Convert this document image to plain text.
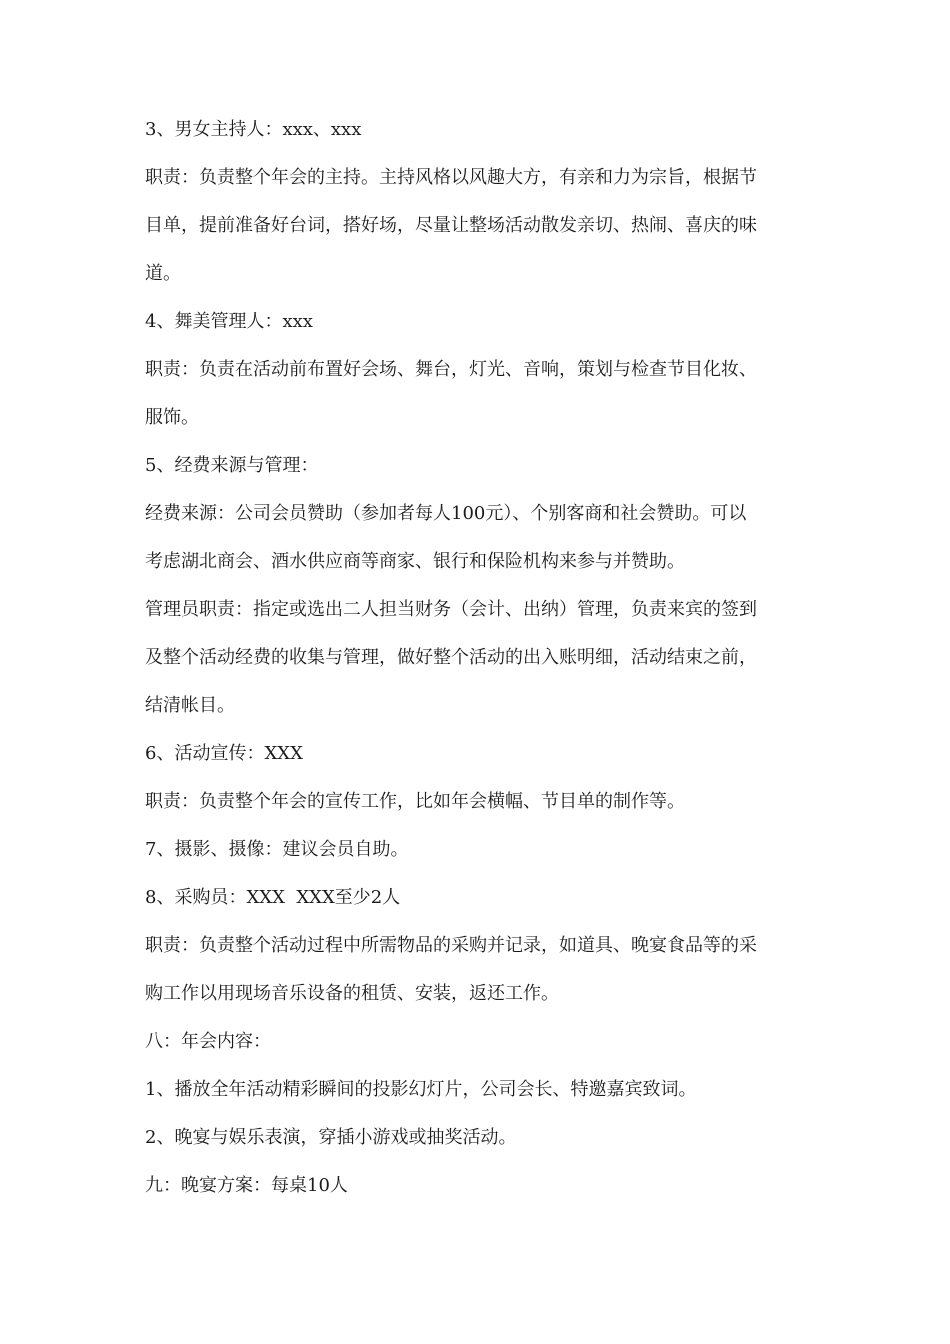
3、男女主持人：xxx、xxx
职责：负责整个年会的主持。主持风格以风趣大方，有亲和力为宗旨，根据节
目单，提前准备好台词，搭好场，尽量让整场活动散发亲切、热闹、喜庆的味
道。
4、舞美管理人：xxx
职责：负责在活动前布置好会场、舞台，灯光、音响，策划与检查节目化妆、
服饰。
5、经费来源与管理：
经费来源：公司会员赞助（参加者每人100元）、个别客商和社会赞助。可以
考虑湖北商会、酒水供应商等商家、银行和保险机构来参与并赞助。
管理员职责：指定或选出二人担当财务（会计、出纳）管理，负责来宾的签到
及整个活动经费的收集与管理，做好整个活动的出入账明细，活动结束之前，
结清帐目。
6、活动宣传：XXX
职责：负责整个年会的宣传工作，比如年会横幅、节目单的制作等。
7、摄影、摄像：建议会员自助。
8、采购员：XXX  XXX至少2人
职责：负责整个活动过程中所需物品的采购并记录，如道具、晚宴食品等的采
购工作以用现场音乐设备的租赁、安装，返还工作。
八：年会内容：
1、播放全年活动精彩瞬间的投影幻灯片，公司会长、特邀嘉宾致词。
2、晚宴与娱乐表演，穿插小游戏或抽奖活动。
九：晚宴方案：每桌10人
